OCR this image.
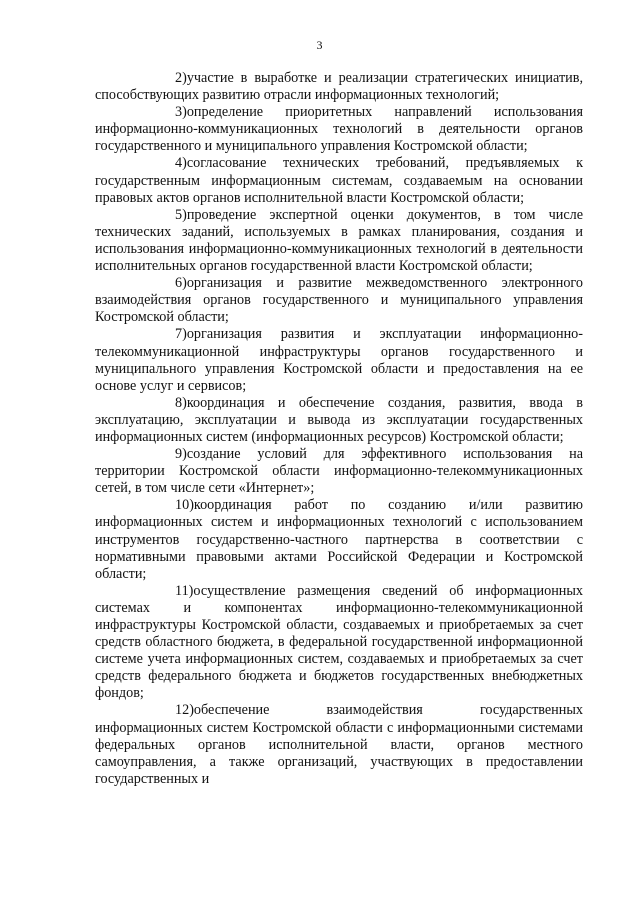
3

2)участие в выработке и реализации стратегических инициатив, способствующих развитию отрасли информационных технологий;

3)определение приоритетных направлений использования информационно-коммуникационных технологий в деятельности органов государственного и муниципального управления Костромской области;

4)согласование технических требований, предъявляемых к государственным информационным системам, создаваемым на основании правовых актов органов исполнительной власти Костромской области;

5)проведение экспертной оценки документов, в том числе технических заданий, используемых в рамках планирования, создания и использования информационно-коммуникационных технологий в деятельности исполнительных органов государственной власти Костромской области;

6)организация и развитие межведомственного электронного взаимодействия органов государственного и муниципального управления Костромской области;

7)организация развития и эксплуатации информационно-телекоммуникационной инфраструктуры органов государственного и муниципального управления Костромской области и предоставления на ее основе услуг и сервисов;

8)координация и обеспечение создания, развития, ввода в эксплуатацию, эксплуатации и вывода из эксплуатации государственных информационных систем (информационных ресурсов) Костромской области;

9)создание условий для эффективного использования на территории Костромской области информационно-телекоммуникационных сетей, в том числе сети «Интернет»;

10)координация работ по созданию и/или развитию информационных систем и информационных технологий с использованием инструментов государственно-частного партнерства в соответствии с нормативными правовыми актами Российской Федерации и Костромской области;

11)осуществление размещения сведений об информационных системах и компонентах информационно-телекоммуникационной инфраструктуры Костромской области, создаваемых и приобретаемых за счет средств областного бюджета, в федеральной государственной информационной системе учета информационных систем, создаваемых и приобретаемых за счет средств федерального бюджета и бюджетов государственных внебюджетных фондов;

12)обеспечение взаимодействия государственных информационных систем Костромской области с информационными системами федеральных органов исполнительной власти, органов местного самоуправления, а также организаций, участвующих в предоставлении государственных и
